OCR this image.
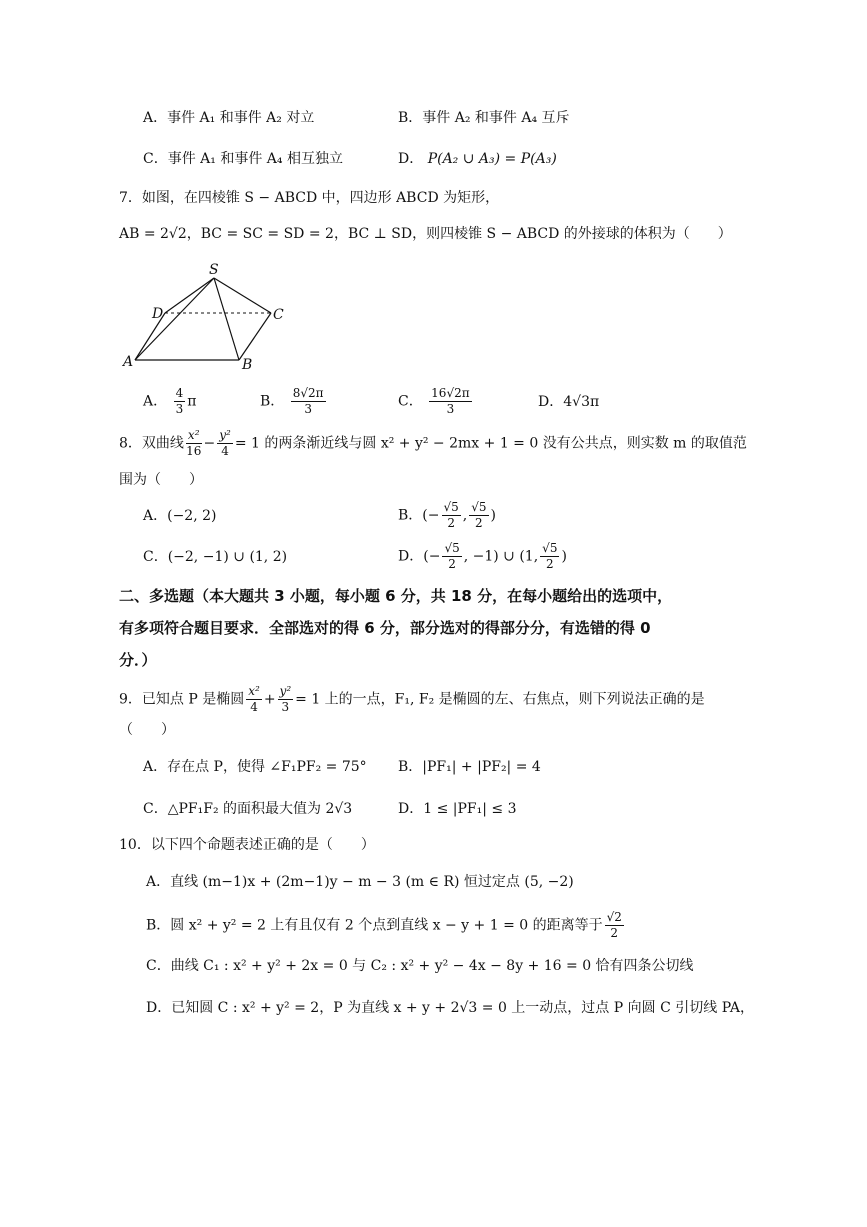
A．事件 A₁ 和事件 A₂ 对立	B．事件 A₂ 和事件 A₄ 互斥
C．事件 A₁ 和事件 A₄ 相互独立	D． P(A₂ ∪ A₃) = P(A₃)
7．如图，在四棱锥 S − ABCD 中，四边形 ABCD 为矩形，
AB = 2√2，BC = SC = SD = 2，BC ⊥ SD，则四棱锥 S − ABCD 的外接球的体积为（　　）
S
D	C
A	B
A． $\frac{4}{3}$ π	B． $\frac{8√2\pi}{3}$	C． $\frac{16√2\pi}{3}$	D．4√3π
8．双曲线 $\frac{\text{x²}}{16} - \frac{\text{y²}}{4} = 1$ 的两条渐近线与圆 x² + y² − 2mx + 1 = 0 没有公共点，则实数 m 的取值范
围为（　　）
A．(−2, 2)	B．(− $\frac{√5}{2}$ , $\frac{√5}{2}$ )
C．(−2, −1) ∪ (1, 2)	D．(− $\frac{√5}{2}$ , −1) ∪ (1, $\frac{√5}{2}$ )
二、多选题（本大题共 3 小题，每小题 6 分，共 18 分，在每小题给出的选项中，
有多项符合题目要求．全部选对的得 6 分，部分选对的得部分分，有选错的得 0
分．）
9．已知点 P 是椭圆 $\frac{\text{x²}}{4} + \frac{\text{y²}}{3} = 1$ 上的一点，F₁, F₂ 是椭圆的左、右焦点，则下列说法正确的是
（　　）
A．存在点 P，使得 ∠F₁PF₂ = 75° B．|PF₁| + |PF₂| = 4
C．△PF₁F₂ 的面积最大值为 2√3	D．1 ≤ |PF₁| ≤ 3
10．以下四个命题表述正确的是（　　）
A．直线 (m−1)x + (2m−1)y − m − 3 (m ∈ R) 恒过定点 (5, −2)
B．圆 x² + y² = 2 上有且仅有 2 个点到直线 x − y + 1 = 0 的距离等于 $\frac{√2}{2}$
C．曲线 C₁ : x² + y² + 2x = 0 与 C₂ : x² + y² − 4x − 8y + 16 = 0 恰有四条公切线
D．已知圆 C : x² + y² = 2，P 为直线 x + y + 2√3 = 0 上一动点，过点 P 向圆 C 引切线 PA，
